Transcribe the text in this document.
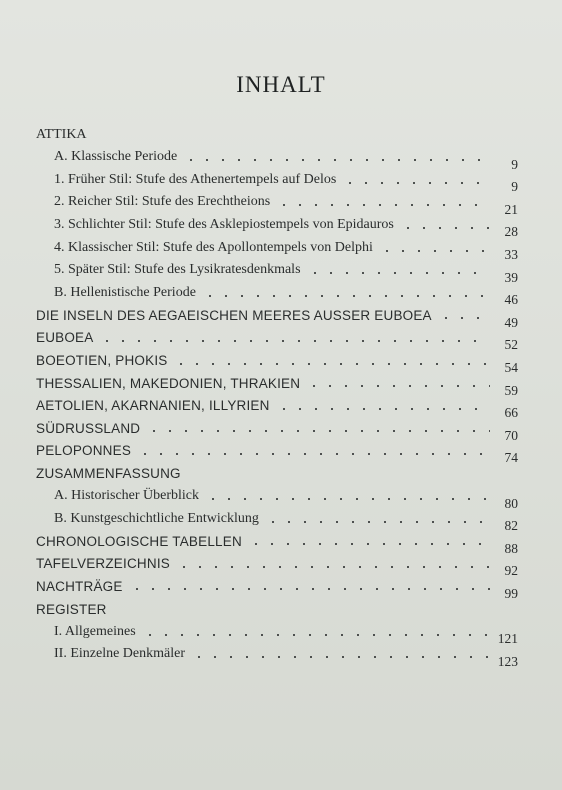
INHALT
ATTIKA
A. Klassische Periode	9
1. Früher Stil: Stufe des Athenertempels auf Delos	9
2. Reicher Stil: Stufe des Erechtheions	21
3. Schlichter Stil: Stufe des Asklepiostempels von Epidauros	28
4. Klassischer Stil: Stufe des Apollontempels von Delphi	33
5. Später Stil: Stufe des Lysikratesdenkmals	39
B. Hellenistische Periode	46
DIE INSELN DES AEGAEISCHEN MEERES AUSSER EUBOEA	49
EUBOEA	52
BOEOTIEN, PHOKIS	54
THESSALIEN, MAKEDONIEN, THRAKIEN	59
AETOLIEN, AKARNANIEN, ILLYRIEN	66
SÜDRUSSLAND	70
PELOPONNES	74
ZUSAMMENFASSUNG
A. Historischer Überblick	80
B. Kunstgeschichtliche Entwicklung	82
CHRONOLOGISCHE TABELLEN	88
TAFELVERZEICHNIS	92
NACHTRÄGE	99
REGISTER
I. Allgemeines	121
II. Einzelne Denkmäler	123
